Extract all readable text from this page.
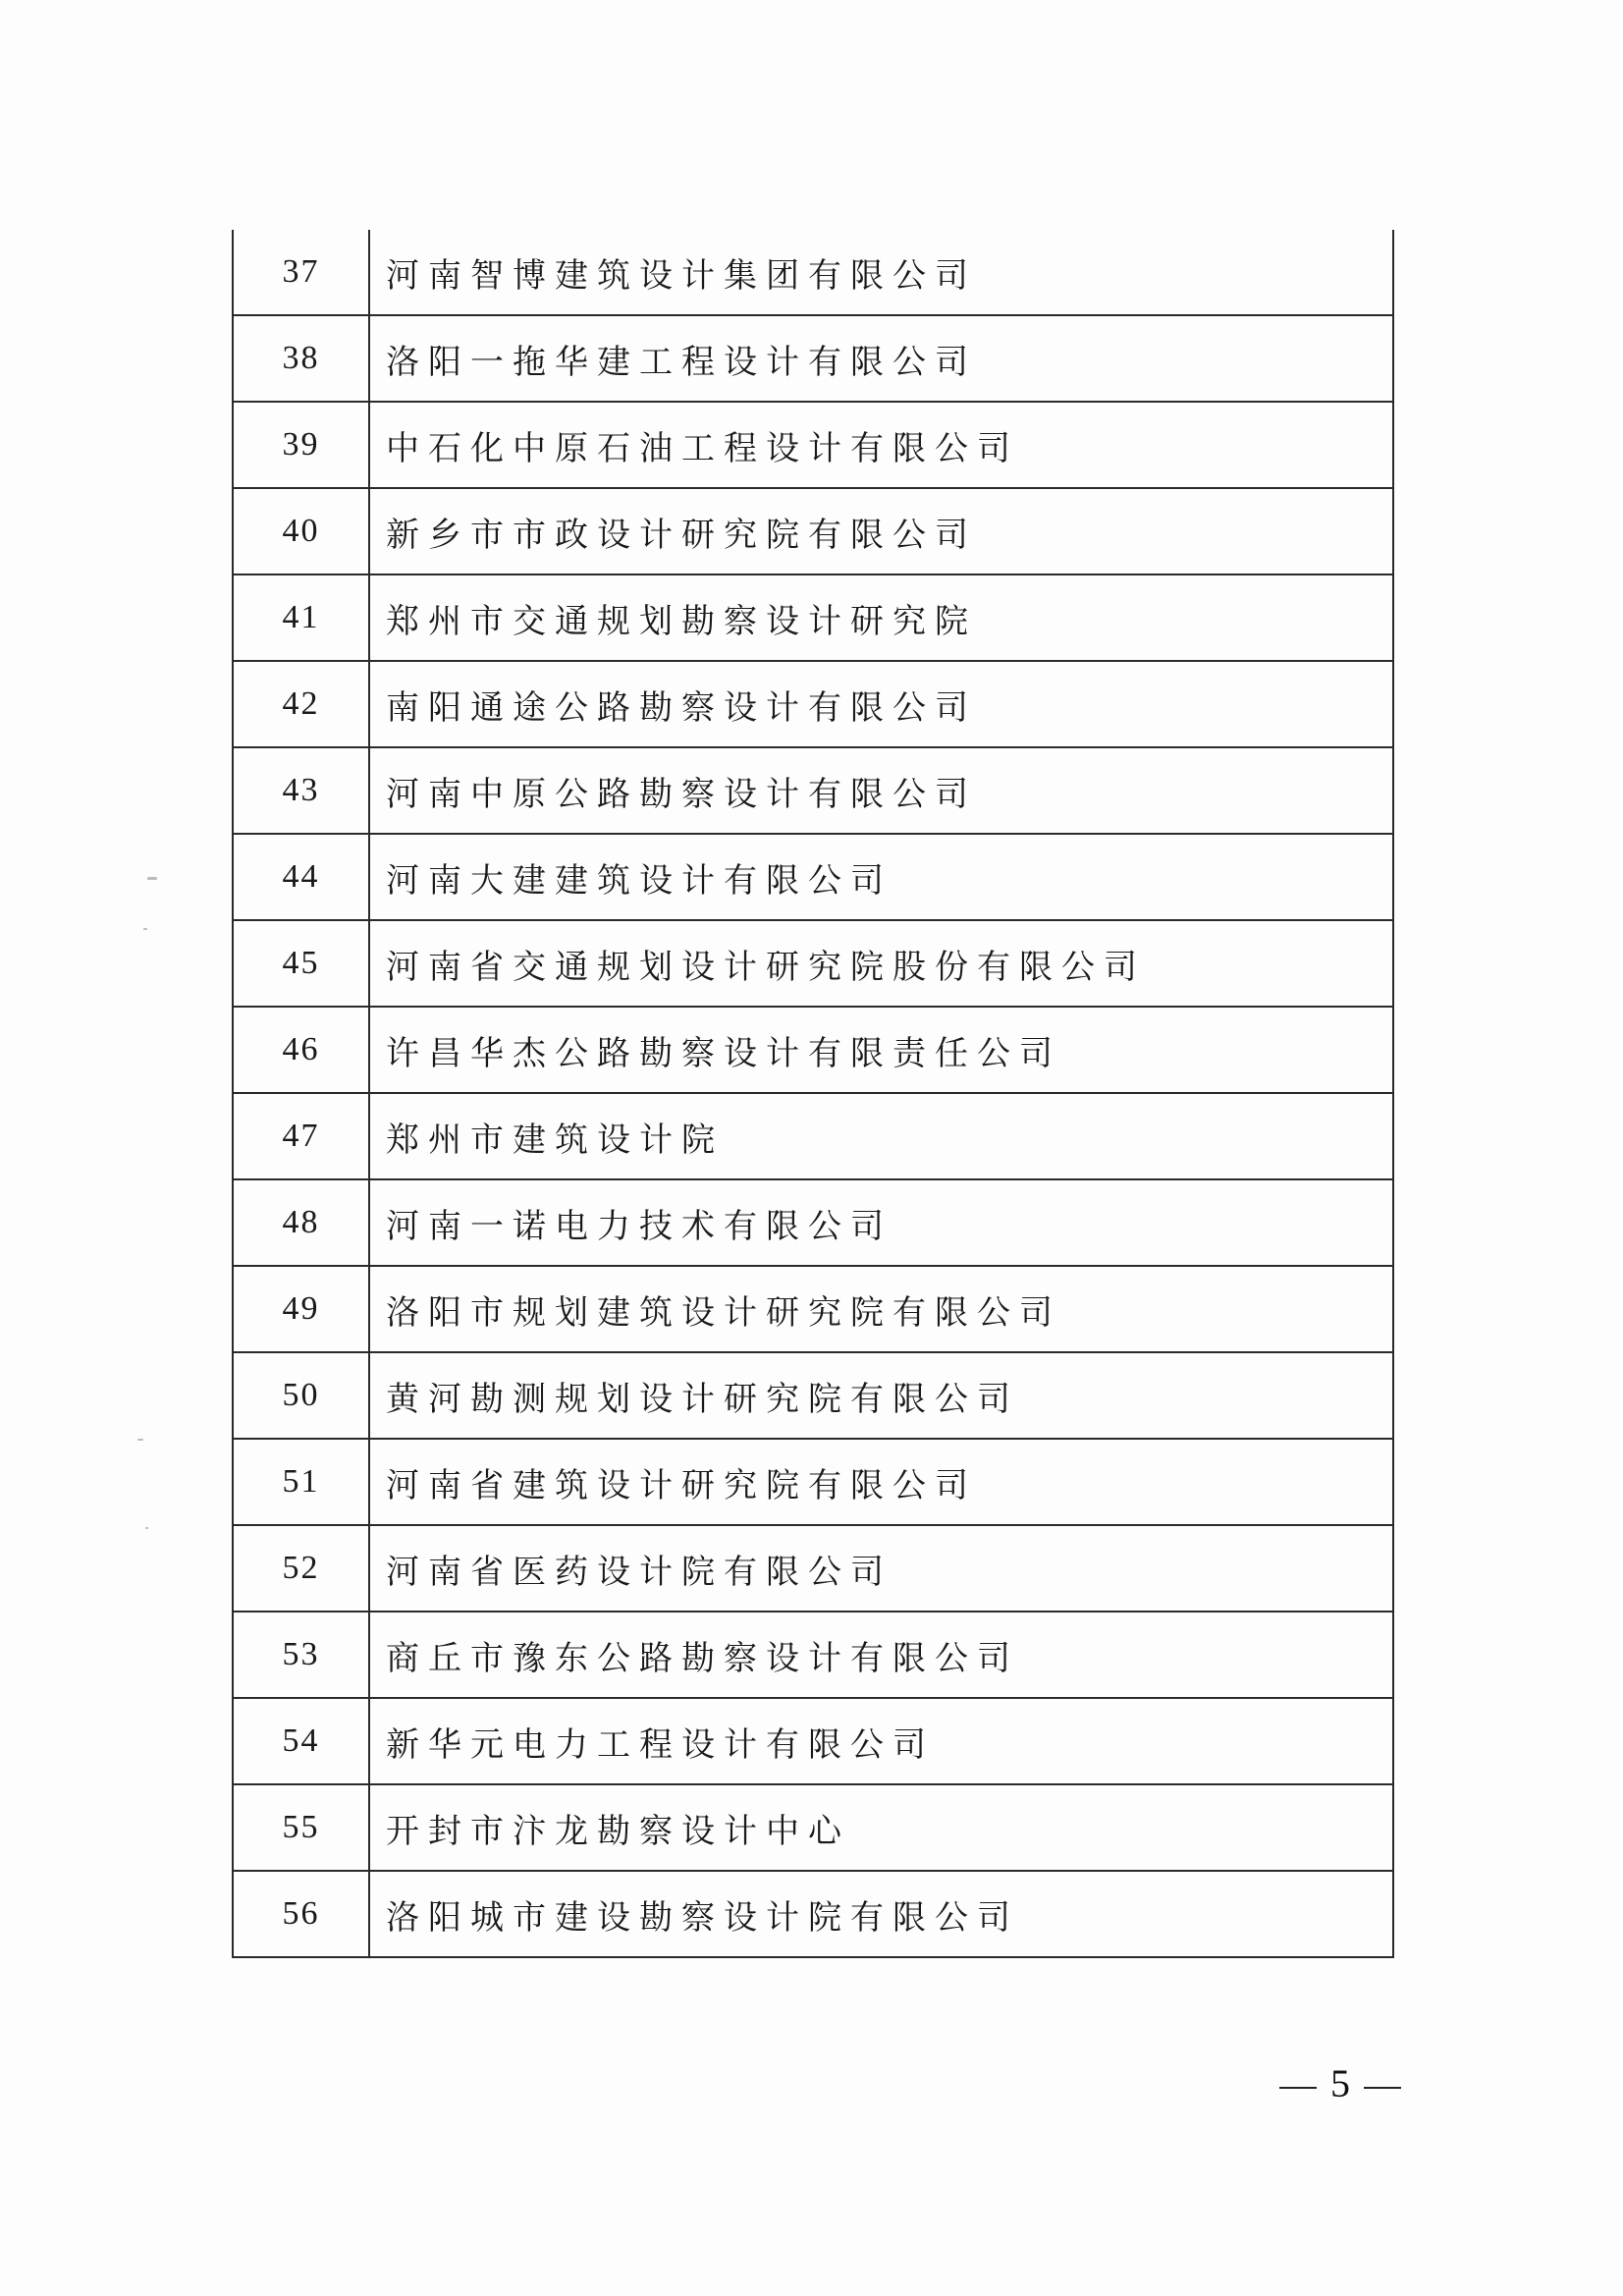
37	河南智博建筑设计集团有限公司
38	洛阳一拖华建工程设计有限公司
39	中石化中原石油工程设计有限公司
40	新乡市市政设计研究院有限公司
41	郑州市交通规划勘察设计研究院
42	南阳通途公路勘察设计有限公司
43	河南中原公路勘察设计有限公司
44	河南大建建筑设计有限公司
45	河南省交通规划设计研究院股份有限公司
46	许昌华杰公路勘察设计有限责任公司
47	郑州市建筑设计院
48	河南一诺电力技术有限公司
49	洛阳市规划建筑设计研究院有限公司
50	黄河勘测规划设计研究院有限公司
51	河南省建筑设计研究院有限公司
52	河南省医药设计院有限公司
53	商丘市豫东公路勘察设计有限公司
54	新华元电力工程设计有限公司
55	开封市汴龙勘察设计中心
56	洛阳城市建设勘察设计院有限公司
5
